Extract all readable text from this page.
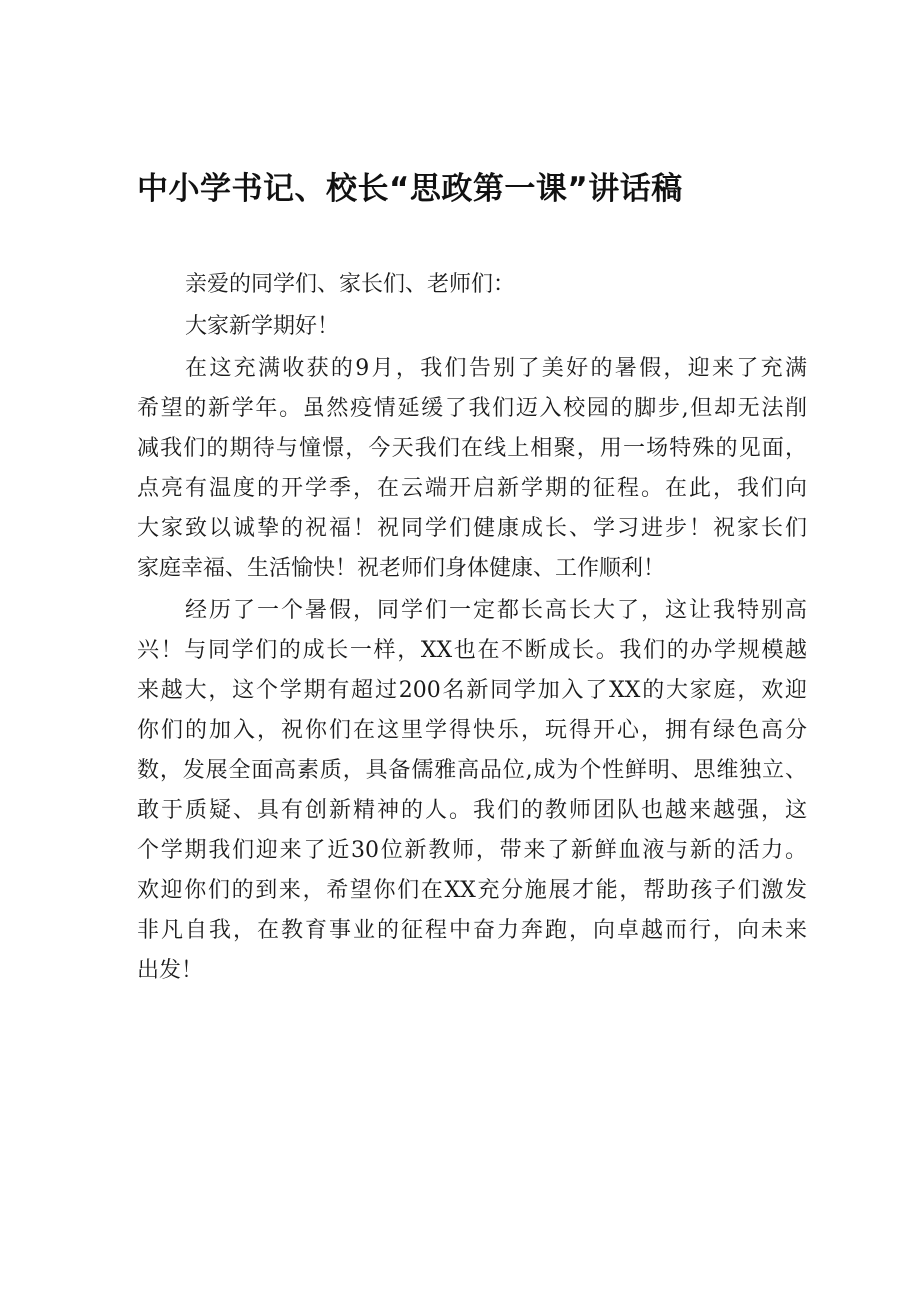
中小学书记、校长“思政第一课”讲话稿

亲爱的同学们、家长们、老师们：

大家新学期好！

在这充满收获的9月，我们告别了美好的暑假，迎来了充满

希望的新学年。虽然疫情延缓了我们迈入校园的脚步,但却无法削

减我们的期待与憧憬，今天我们在线上相聚，用一场特殊的见面，

点亮有温度的开学季，在云端开启新学期的征程。在此，我们向

大家致以诚挚的祝福！祝同学们健康成长、学习进步！祝家长们

家庭幸福、生活愉快！祝老师们身体健康、工作顺利！

经历了一个暑假，同学们一定都长高长大了，这让我特别高

兴！与同学们的成长一样，XX也在不断成长。我们的办学规模越

来越大，这个学期有超过200名新同学加入了XX的大家庭，欢迎

你们的加入，祝你们在这里学得快乐，玩得开心，拥有绿色高分

数，发展全面高素质，具备儒雅高品位,成为个性鲜明、思维独立、

敢于质疑、具有创新精神的人。我们的教师团队也越来越强，这

个学期我们迎来了近30位新教师，带来了新鲜血液与新的活力。

欢迎你们的到来，希望你们在XX充分施展才能，帮助孩子们激发

非凡自我，在教育事业的征程中奋力奔跑，向卓越而行，向未来

出发！
